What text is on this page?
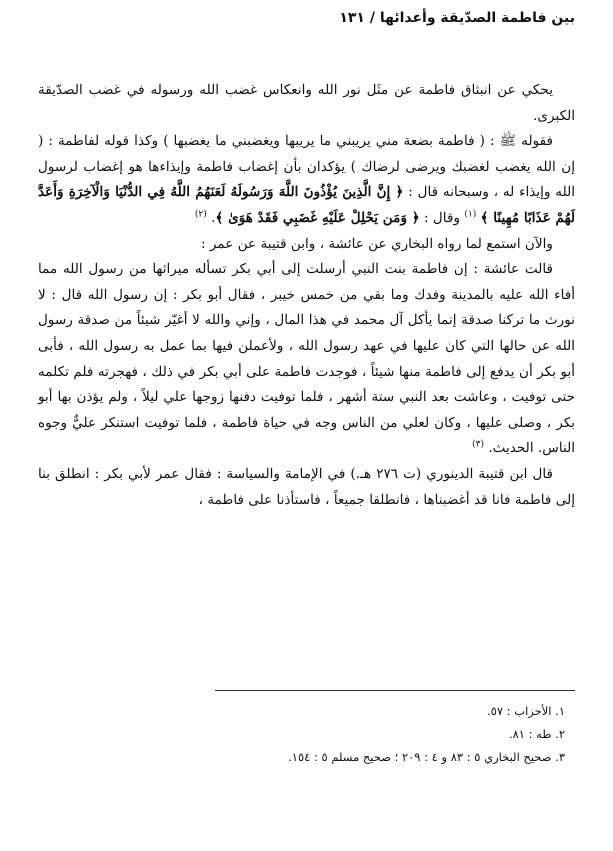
بين فاطمة الصدّيقة وأعدائها / ١٣١

يحكي عن انبثاق فاطمة عن مثَل نور الله وانعكاس غضب الله ورسوله في غضب الصدّيقة الكبرى.

فقوله ﷺ : ( فاطمة بضعة مني يريبني ما يريبها ويغضبني ما يغضبها ) وكذا قوله لفاطمة : ( إن الله يغضب لغضبك ويرضى لرضاك ) يؤكدان بأن إغضاب فاطمة وإيذاءها هو إغضاب لرسول الله وإيذاء له ، وسبحانه قال : ﴿ إِنَّ الَّذِينَ يُؤْذُونَ اللَّهَ وَرَسُولَهُ لَعَنَهُمُ اللَّهُ فِي الدُّنْيَا وَالْآخِرَةِ وَأَعَدَّ لَهُمْ عَذَابًا مُهِينًا ﴾ $^{(١)}$ وقال : ﴿ وَمَن يَحْلِلْ عَلَيْهِ غَضَبِي فَقَدْ هَوَىٰ ﴾. $^{(٢)}$

والآن استمع لما رواه البخاري عن عائشة ، وابن قتيبة عن عمر :

قالت عائشة : إن فاطمة بنت النبي أرسلت إلى أبي بكر تسأله ميراثها من رسول الله مما أفاء الله عليه بالمدينة وفدك وما بقي من خمس خيبر ، فقال أبو بكر : إن رسول الله قال : لا نورث ما تركنا صدقة إنما يأكل آل محمد في هذا المال ، وإني والله لا أغيّر شيئاً من صدقة رسول الله عن حالها التي كان عليها في عهد رسول الله ، ولأعملن فيها بما عمل به رسول الله ، فأبى أبو بكر أن يدفع إلى فاطمة منها شيئاً ، فوجدت فاطمة على أبي بكر في ذلك ، فهجرته فلم تكلمه حتى توفيت ، وعاشت بعد النبي ستة أشهر ، فلما توفيت دفنها زوجها علي ليلاً ، ولم يؤذن بها أبو بكر ، وصلى عليها ، وكان لعلي من الناس وجه في حياة فاطمة ، فلما توفيت استنكر عليٌّ وجوه الناس. الحديث. $^{(٣)}$

قال ابن قتيبة الدينوري (ت ٢٧٦ هـ.) في الإمامة والسياسة : فقال عمر لأبي بكر : انطلق بنا إلى فاطمة فانا قد أغضبناها ، فانطلقا جميعاً ، فاستأذنا على فاطمة ،

١. الأحزاب : ٥٧.
٢. طه : ٨١.
٣. صحيح البخاري ٥ : ٨٣ و ٤ : ٢٠٩ ؛ صحيح مسلم ٥ : ١٥٤.
